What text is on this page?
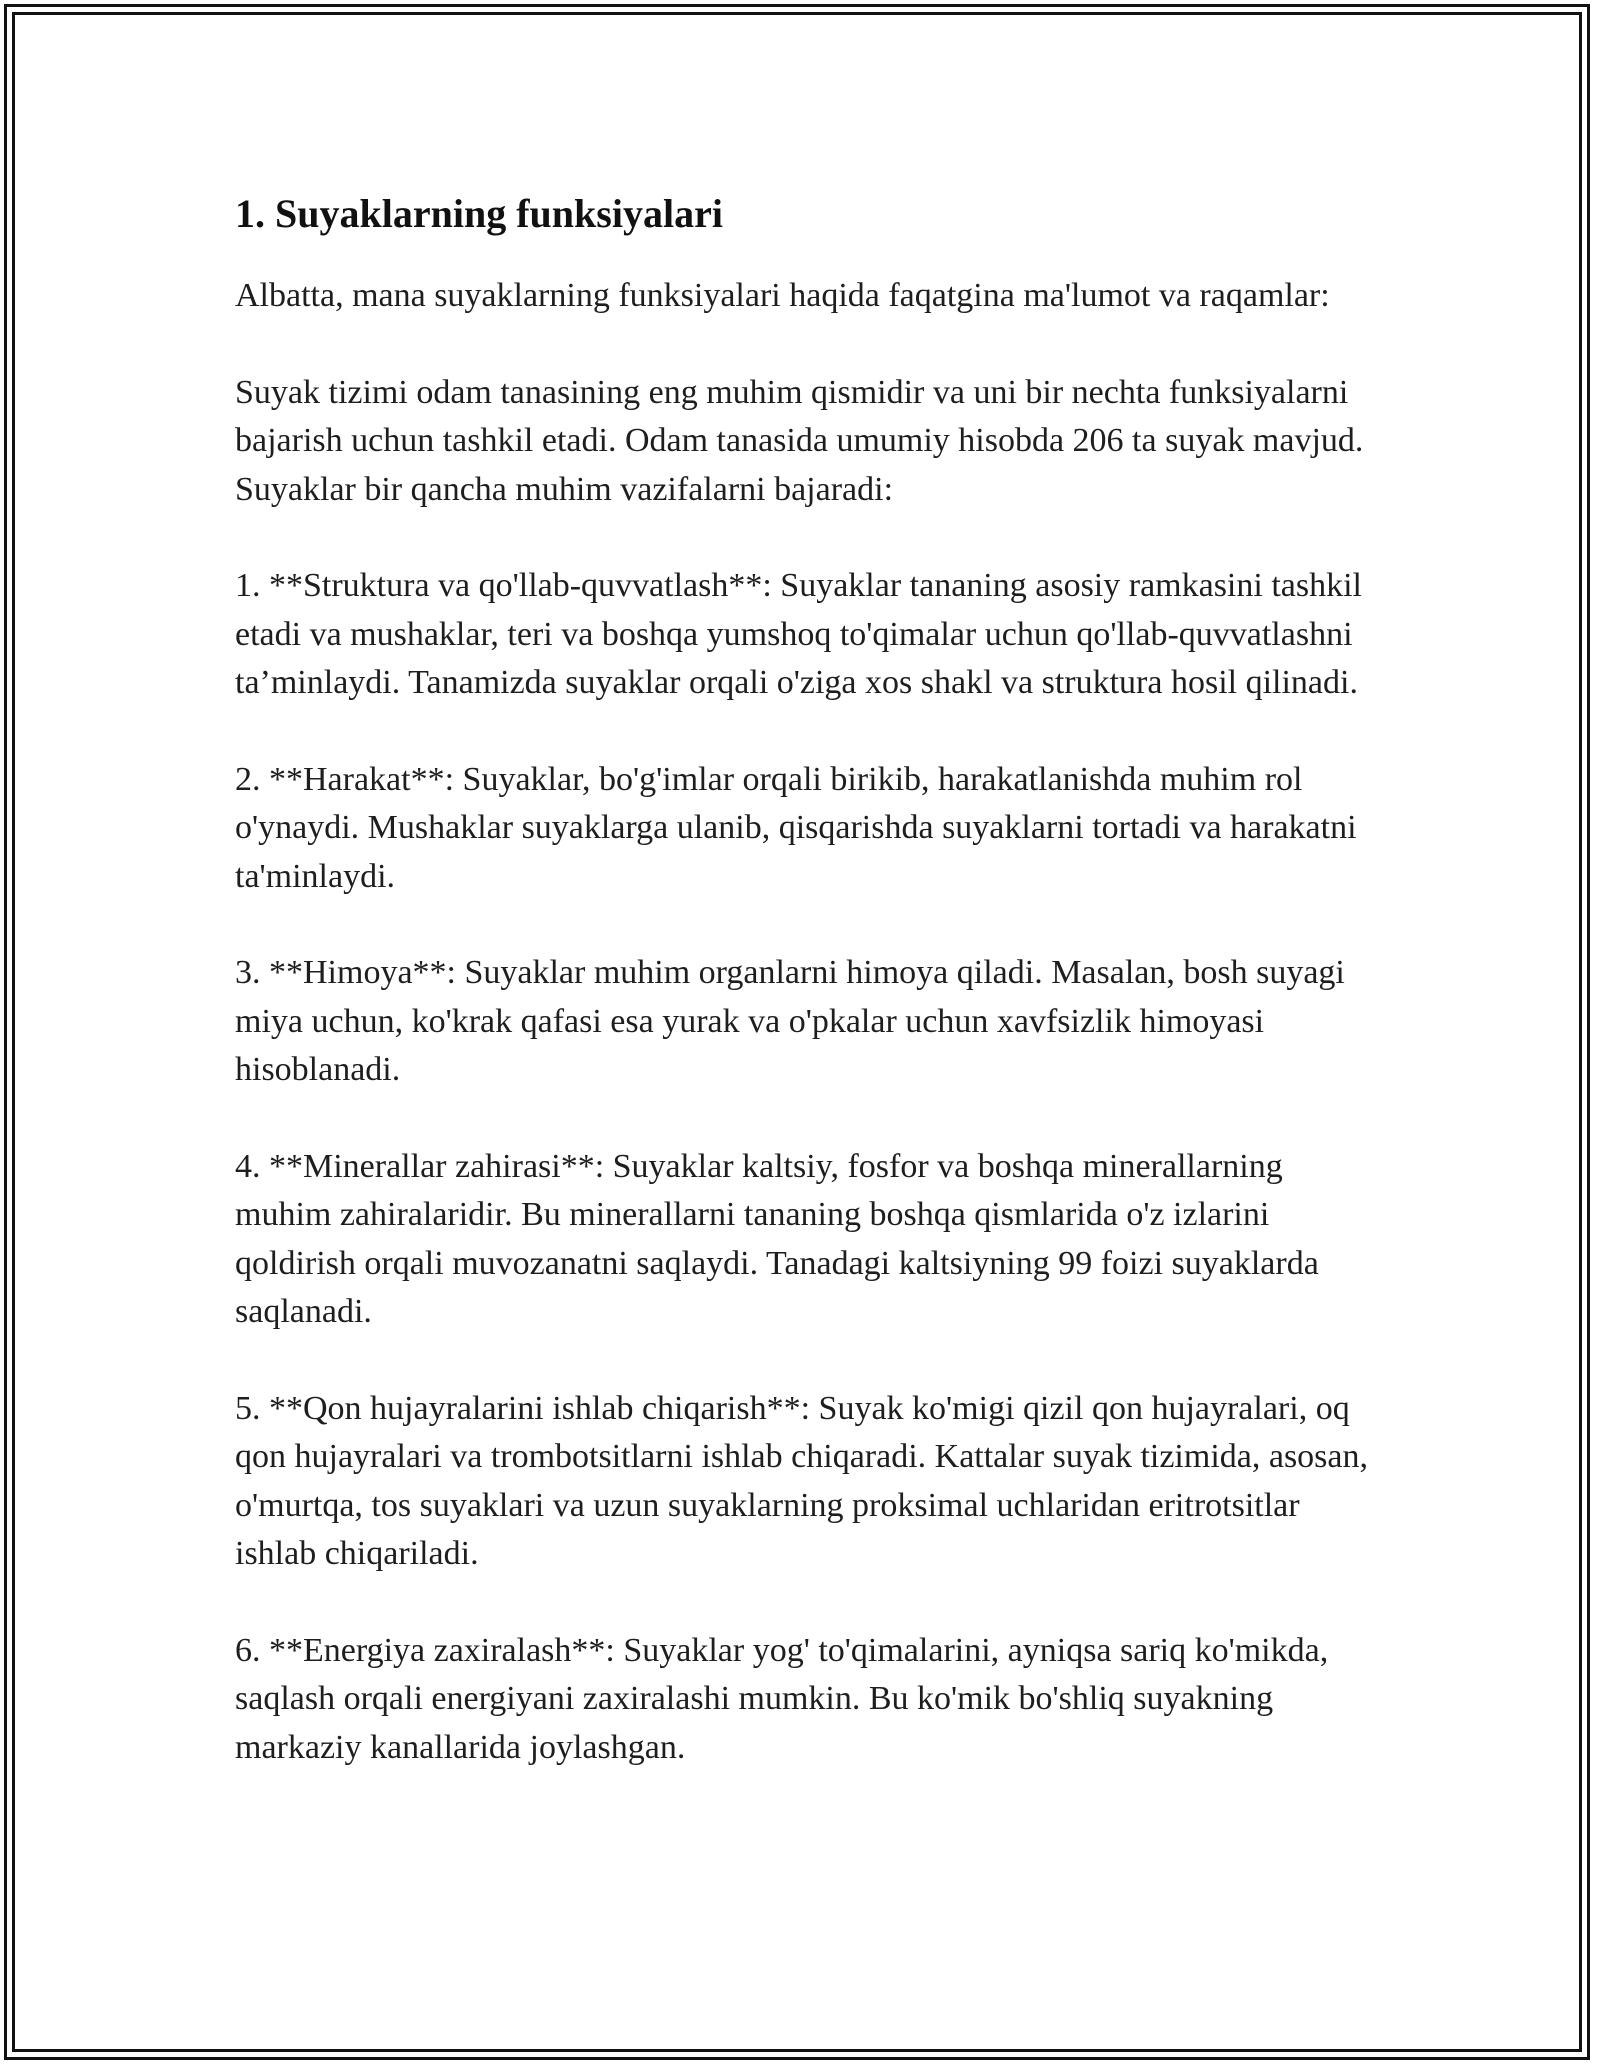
1. Suyaklarning funksiyalari

Albatta, mana suyaklarning funksiyalari haqida faqatgina ma'lumot va raqamlar:

Suyak tizimi odam tanasining eng muhim qismidir va uni bir nechta funksiyalarni bajarish uchun tashkil etadi. Odam tanasida umumiy hisobda 206 ta suyak mavjud. Suyaklar bir qancha muhim vazifalarni bajaradi:

1. **Struktura va qo'llab-quvvatlash**: Suyaklar tananing asosiy ramkasini tashkil etadi va mushaklar, teri va boshqa yumshoq to'qimalar uchun qo'llab-quvvatlashni ta’minlaydi. Tanamizda suyaklar orqali o'ziga xos shakl va struktura hosil qilinadi.

2. **Harakat**: Suyaklar, bo'g'imlar orqali birikib, harakatlanishda muhim rol o'ynaydi. Mushaklar suyaklarga ulanib, qisqarishda suyaklarni tortadi va harakatni ta'minlaydi.

3. **Himoya**: Suyaklar muhim organlarni himoya qiladi. Masalan, bosh suyagi miya uchun, ko'krak qafasi esa yurak va o'pkalar uchun xavfsizlik himoyasi hisoblanadi.

4. **Minerallar zahirasi**: Suyaklar kaltsiy, fosfor va boshqa minerallarning muhim zahiralaridir. Bu minerallarni tananing boshqa qismlarida o'z izlarini qoldirish orqali muvozanatni saqlaydi. Tanadagi kaltsiyning 99 foizi suyaklarda saqlanadi.

5. **Qon hujayralarini ishlab chiqarish**: Suyak ko'migi qizil qon hujayralari, oq qon hujayralari va trombotsitlarni ishlab chiqaradi. Kattalar suyak tizimida, asosan, o'murtqa, tos suyaklari va uzun suyaklarning proksimal uchlaridan eritrotsitlar ishlab chiqariladi.

6. **Energiya zaxiralash**: Suyaklar yog' to'qimalarini, ayniqsa sariq ko'mikda, saqlash orqali energiyani zaxiralashi mumkin. Bu ko'mik bo'shliq suyakning markaziy kanallarida joylashgan.
